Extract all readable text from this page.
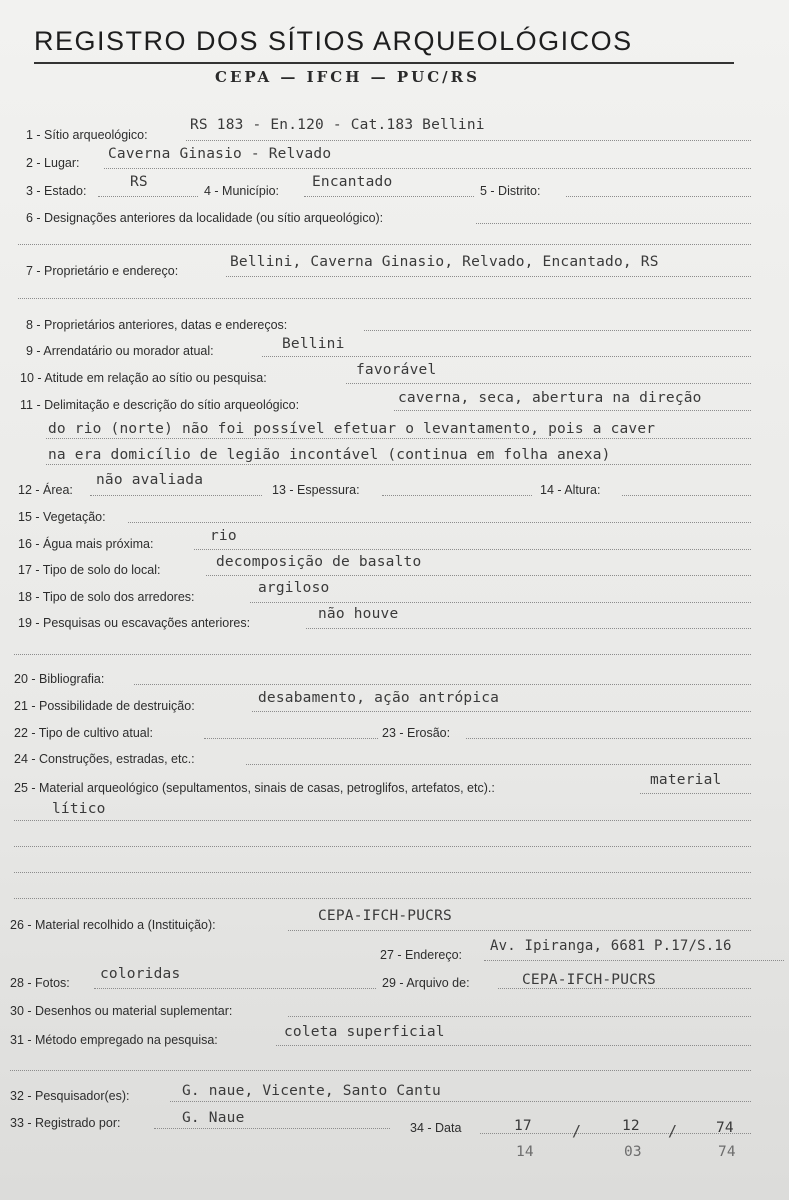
REGISTRO DOS SÍTIOS ARQUEOLÓGICOS
CEPA — IFCH — PUC/RS
1 - Sítio arqueológico:
RS 183 - En.120 - Cat.183 Bellini
2 - Lugar:
Caverna Ginasio - Relvado
3 - Estado:
RS
4 - Município:
Encantado
5 - Distrito:
6 - Designações anteriores da localidade (ou sítio arqueológico):
7 - Proprietário e endereço:
Bellini, Caverna Ginasio, Relvado, Encantado, RS
8 - Proprietários anteriores, datas e endereços:
9 - Arrendatário ou morador atual:	Bellini
10 - Atitude em relação ao sítio ou pesquisa:	favorável
11 - Delimitação e descrição do sítio arqueológico:	caverna, seca, abertura na direção
do rio (norte) não foi possível efetuar o levantamento, pois a caver
na era domicílio de legião incontável (continua em folha anexa)
12 - Área:
não avaliada
13 - Espessura:	14 - Altura:
15 - Vegetação:
16 - Água mais próxima:	rio
17 - Tipo de solo do local:	decomposição de basalto
18 - Tipo de solo dos arredores:
argiloso
19 - Pesquisas ou escavações anteriores:
não houve
20 - Bibliografia:
21 - Possibilidade de destruição:	desabamento, ação antrópica
22 - Tipo de cultivo atual:	23 - Erosão:
24 - Construções, estradas, etc.:
25 - Material arqueológico (sepultamentos, sinais de casas, petroglifos, artefatos, etc).:	material
lítico
26 - Material recolhido a (Instituição):
CEPA-IFCH-PUCRS
27 - Endereço:
Av. Ipiranga, 6681 P.17/S.16
28 - Fotos:
coloridas
29 - Arquivo de:	CEPA-IFCH-PUCRS
30 - Desenhos ou material suplementar:
31 - Método empregado na pesquisa:	coleta superficial
32 - Pesquisador(es):	G. naue, Vicente, Santo Cantu
33 - Registrado por:	G. Naue
34 - Data	17	/	12 /	74
14	03	74
